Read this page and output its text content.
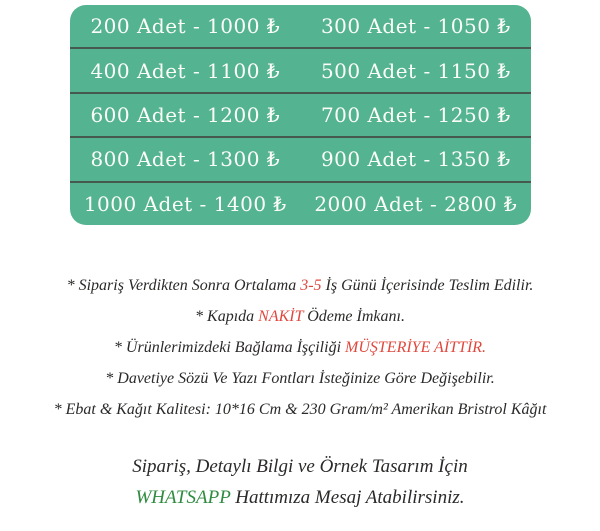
200 Adet - 1000 ₺	300 Adet - 1050 ₺
400 Adet - 1100 ₺	500 Adet - 1150 ₺
600 Adet - 1200 ₺	700 Adet - 1250 ₺
800 Adet - 1300 ₺	900 Adet - 1350 ₺
1000 Adet - 1400 ₺	2000 Adet - 2800 ₺

* Sipariş Verdikten Sonra Ortalama 3-5 İş Günü İçerisinde Teslim Edilir.

* Kapıda NAKİT Ödeme İmkanı.

* Ürünlerimizdeki Bağlama İşçiliği MÜŞTERİYE AİTTİR.

* Davetiye Sözü Ve Yazı Fontları İsteğinize Göre Değişebilir.

* Ebat & Kağıt Kalitesi: 10*16 Cm & 230 Gram/m² Amerikan Bristrol Kâğıt

Sipariş, Detaylı Bilgi ve Örnek Tasarım İçin

WHATSAPP Hattımıza Mesaj Atabilirsiniz.
